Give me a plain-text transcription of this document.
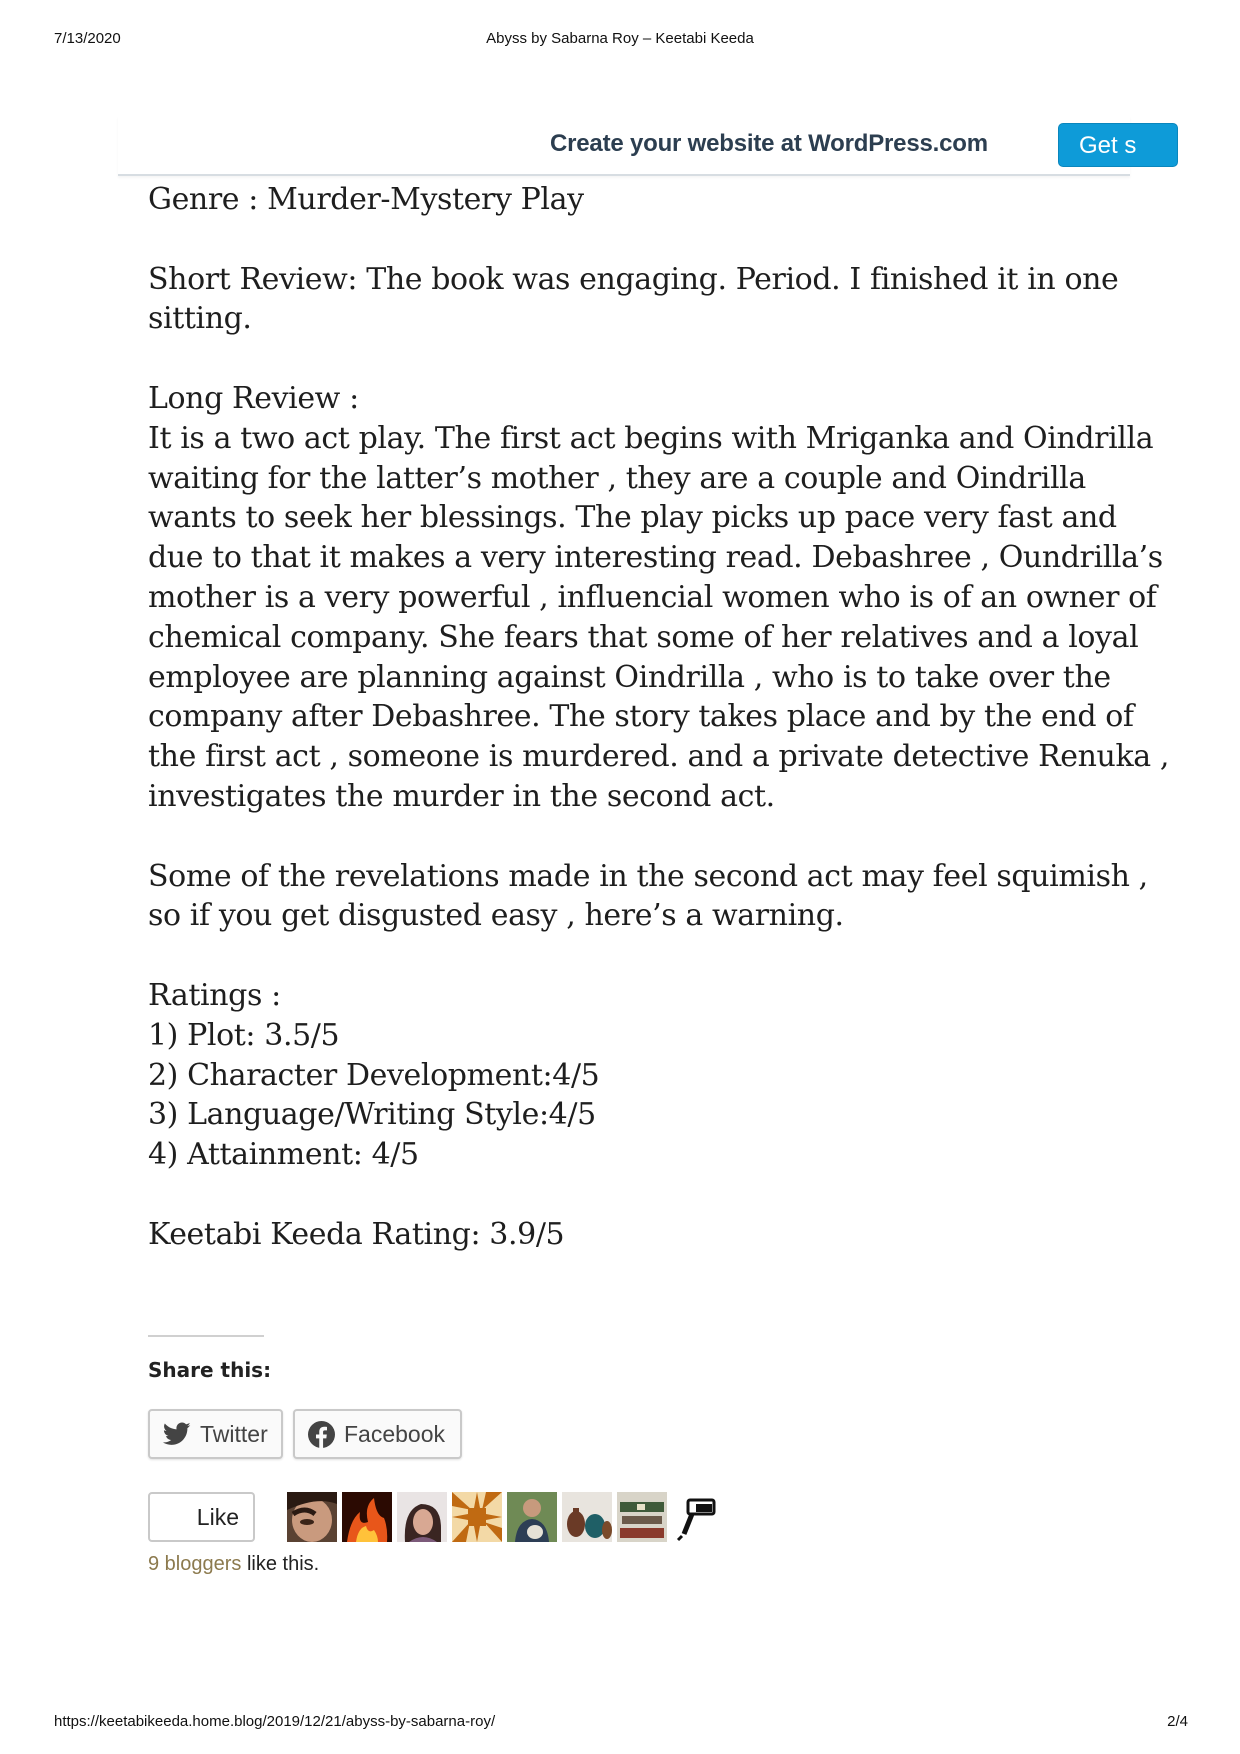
7/13/2020	Abyss by Sabarna Roy – Keetabi Keeda
Genre : Murder-Mystery Play

Short Review: The book was engaging. Period. I finished it in one
sitting.

Long Review :
It is a two act play. The first act begins with Mriganka and Oindrilla
waiting for the latter’s mother , they are a couple and Oindrilla
wants to seek her blessings. The play picks up pace very fast and
due to that it makes a very interesting read. Debashree , Oundrilla’s
mother is a very powerful , influencial women who is of an owner of
chemical company. She fears that some of her relatives and a loyal
employee are planning against Oindrilla , who is to take over the
company after Debashree. The story takes place and by the end of
the first act , someone is murdered. and a private detective Renuka ,
investigates the murder in the second act.

Some of the revelations made in the second act may feel squimish ,
so if you get disgusted easy , here’s a warning.

Ratings :
1) Plot: 3.5/5
2) Character Development:4/5
3) Language/Writing Style:4/5
4) Attainment: 4/5

Keetabi Keeda Rating: 3.9/5

Create your website at WordPress.com	Get s
Share this:
Twitter	Facebook
Like
9 bloggers like this.
https://keetabikeeda.home.blog/2019/12/21/abyss-by-sabarna-roy/	2/4
